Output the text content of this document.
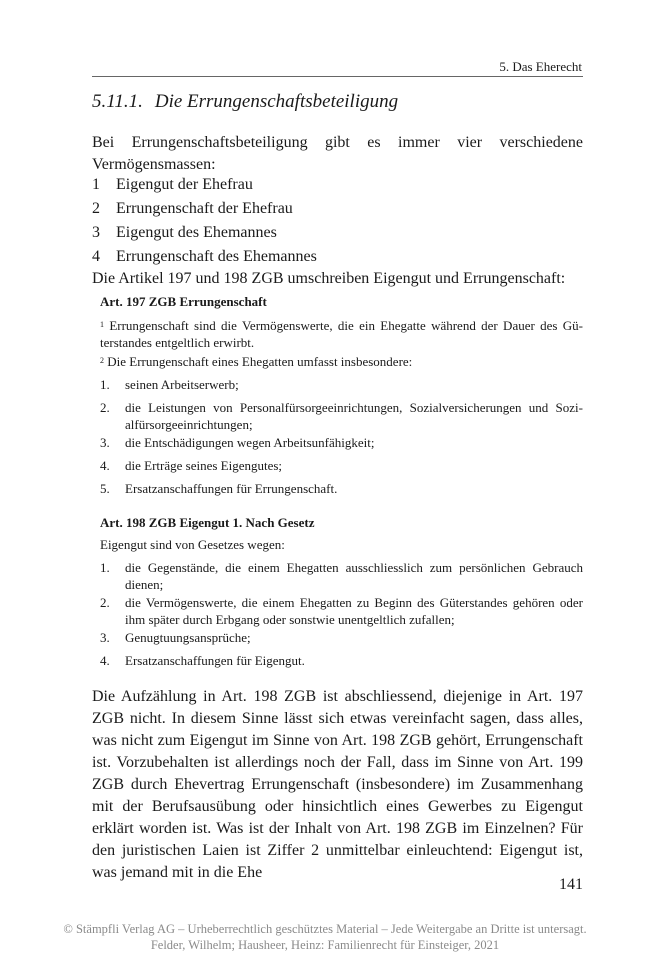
5. Das Eherecht
5.11.1. Die Errungenschaftsbeteiligung
Bei Errungenschaftsbeteiligung gibt es immer vier verschiedene Vermögensmassen:
1 Eigengut der Ehefrau
2 Errungenschaft der Ehefrau
3 Eigengut des Ehemannes
4 Errungenschaft des Ehemannes
Die Artikel 197 und 198 ZGB umschreiben Eigengut und Errungenschaft:
Art. 197 ZGB Errungenschaft
$^1$ Errungenschaft sind die Vermögenswerte, die ein Ehegatte während der Dauer des Güterstandes entgeltlich erwirbt.
$^2$ Die Errungenschaft eines Ehegatten umfasst insbesondere:
1. seinen Arbeitserwerb;
2. die Leistungen von Personalfürsorgeeinrichtungen, Sozialversicherungen und Sozialfürsorgeeinrichtungen;
3. die Entschädigungen wegen Arbeitsunfähigkeit;
4. die Erträge seines Eigengutes;
5. Ersatzanschaffungen für Errungenschaft.
Art. 198 ZGB Eigengut 1. Nach Gesetz
Eigengut sind von Gesetzes wegen:
1. die Gegenstände, die einem Ehegatten ausschliesslich zum persönlichen Gebrauch dienen;
2. die Vermögenswerte, die einem Ehegatten zu Beginn des Güterstandes gehören oder ihm später durch Erbgang oder sonstwie unentgeltlich zufallen;
3. Genugtuungsansprüche;
4. Ersatzanschaffungen für Eigengut.
Die Aufzählung in Art. 198 ZGB ist abschliessend, diejenige in Art. 197 ZGB nicht. In diesem Sinne lässt sich etwas vereinfacht sagen, dass alles, was nicht zum Eigengut im Sinne von Art. 198 ZGB gehört, Errungenschaft ist. Vorzubehalten ist allerdings noch der Fall, dass im Sinne von Art. 199 ZGB durch Ehevertrag Errungenschaft (insbesondere) im Zusammenhang mit der Berufsausübung oder hinsichtlich eines Gewerbes zu Eigengut erklärt worden ist. Was ist der Inhalt von Art. 198 ZGB im Einzelnen? Für den juristischen Laien ist Ziffer 2 unmittelbar einleuchtend: Eigengut ist, was jemand mit in die Ehe
141
© Stämpfli Verlag AG – Urheberrechtlich geschütztes Material – Jede Weitergabe an Dritte ist untersagt.
Felder, Wilhelm; Hausheer, Heinz: Familienrecht für Einsteiger, 2021
